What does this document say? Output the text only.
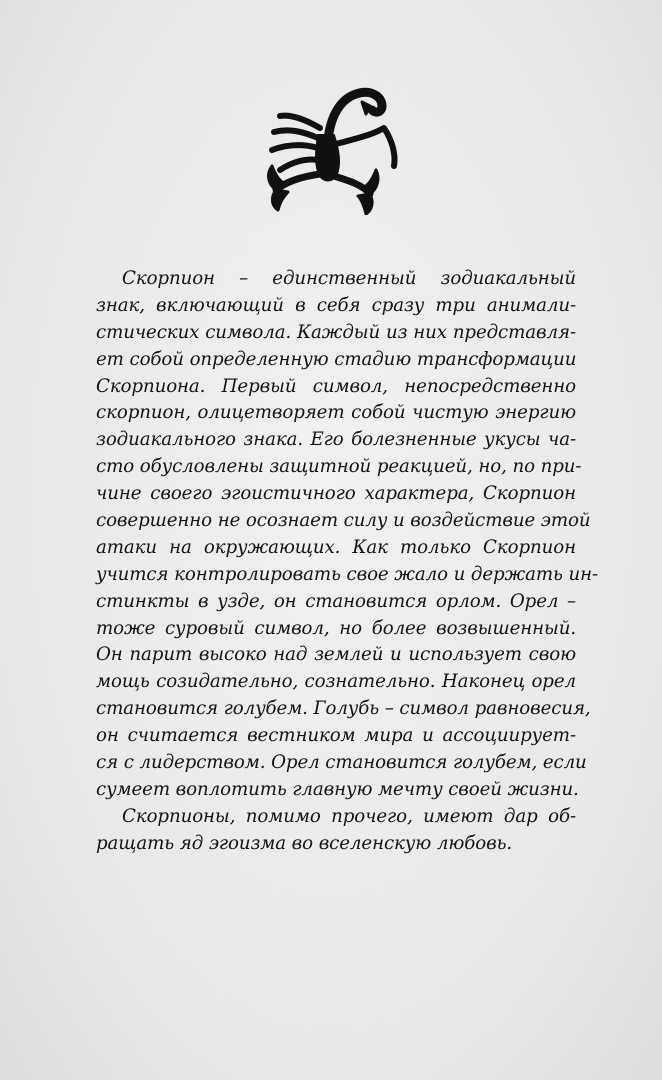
Скорпион – единственный зодиакальный
знак, включающий в себя сразу три анимали-
стических символа. Каждый из них представля-
ет собой определенную стадию трансформации
Скорпиона. Первый символ, непосредственно
скорпион, олицетворяет собой чистую энергию
зодиакального знака. Его болезненные укусы ча-
сто обусловлены защитной реакцией, но, по при-
чине своего эгоистичного характера, Скорпион
совершенно не осознает силу и воздействие этой
атаки на окружающих. Как только Скорпион
учится контролировать свое жало и держать ин-
стинкты в узде, он становится орлом. Орел –
тоже суровый символ, но более возвышенный.
Он парит высоко над землей и использует свою
мощь созидательно, сознательно. Наконец орел
становится голубем. Голубь – символ равновесия,
он считается вестником мира и ассоциирует-
ся с лидерством. Орел становится голубем, если
сумеет воплотить главную мечту своей жизни.
Скорпионы, помимо прочего, имеют дар об-
ращать яд эгоизма во вселенскую любовь.
